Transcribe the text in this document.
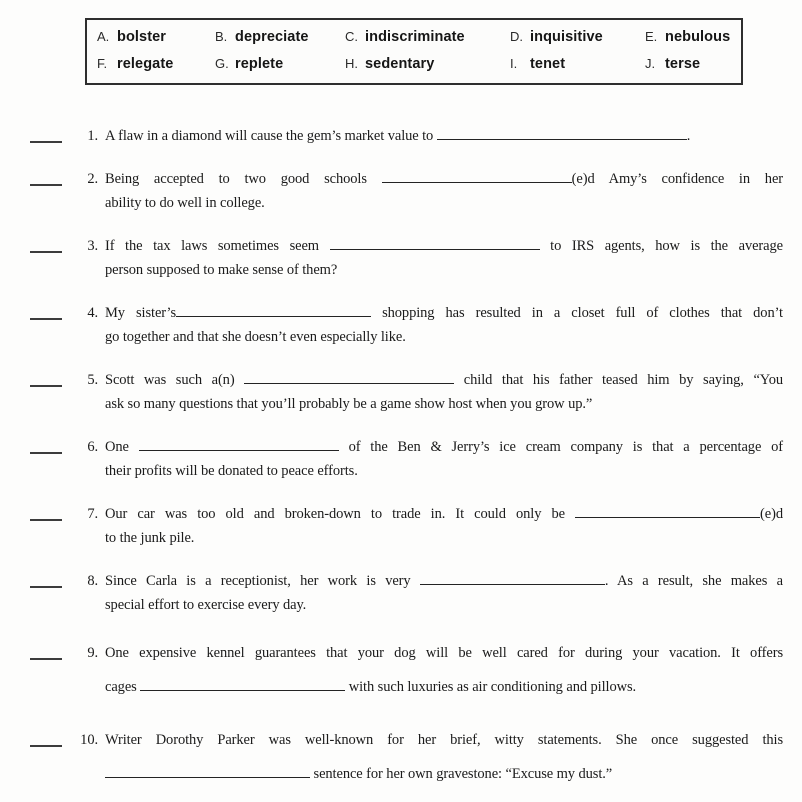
A. bolster	B. depreciate	C. indiscriminate	D. inquisitive	E. nebulous
F. relegate	G. replete	H. sedentary	I. tenet	J. terse
1. A flaw in a diamond will cause the gem’s market value to	.
2. Being accepted to two good schools	(e)d Amy’s confidence in her
ability to do well in college.
3. If the tax laws sometimes seem	to IRS agents, how is the average
person supposed to make sense of them?
4. My sister’s	shopping has resulted in a closet full of clothes that don’t
go together and that she doesn’t even especially like.
5. Scott was such a(n)	child that his father teased him by saying, “You
ask so many questions that you’ll probably be a game show host when you grow up.”
6. One	of the Ben & Jerry’s ice cream company is that a percentage of
their profits will be donated to peace efforts.
7. Our car was too old and broken-down to trade in. It could only be	(e)d
to the junk pile.
8. Since Carla is a receptionist, her work is very	. As a result, she makes a
special effort to exercise every day.
9. One expensive kennel guarantees that your dog will be well cared for during your vacation. It offers
cages	with such luxuries as air conditioning and pillows.
10. Writer Dorothy Parker was well-known for her brief, witty statements. She once suggested this
sentence for her own gravestone: “Excuse my dust.”
